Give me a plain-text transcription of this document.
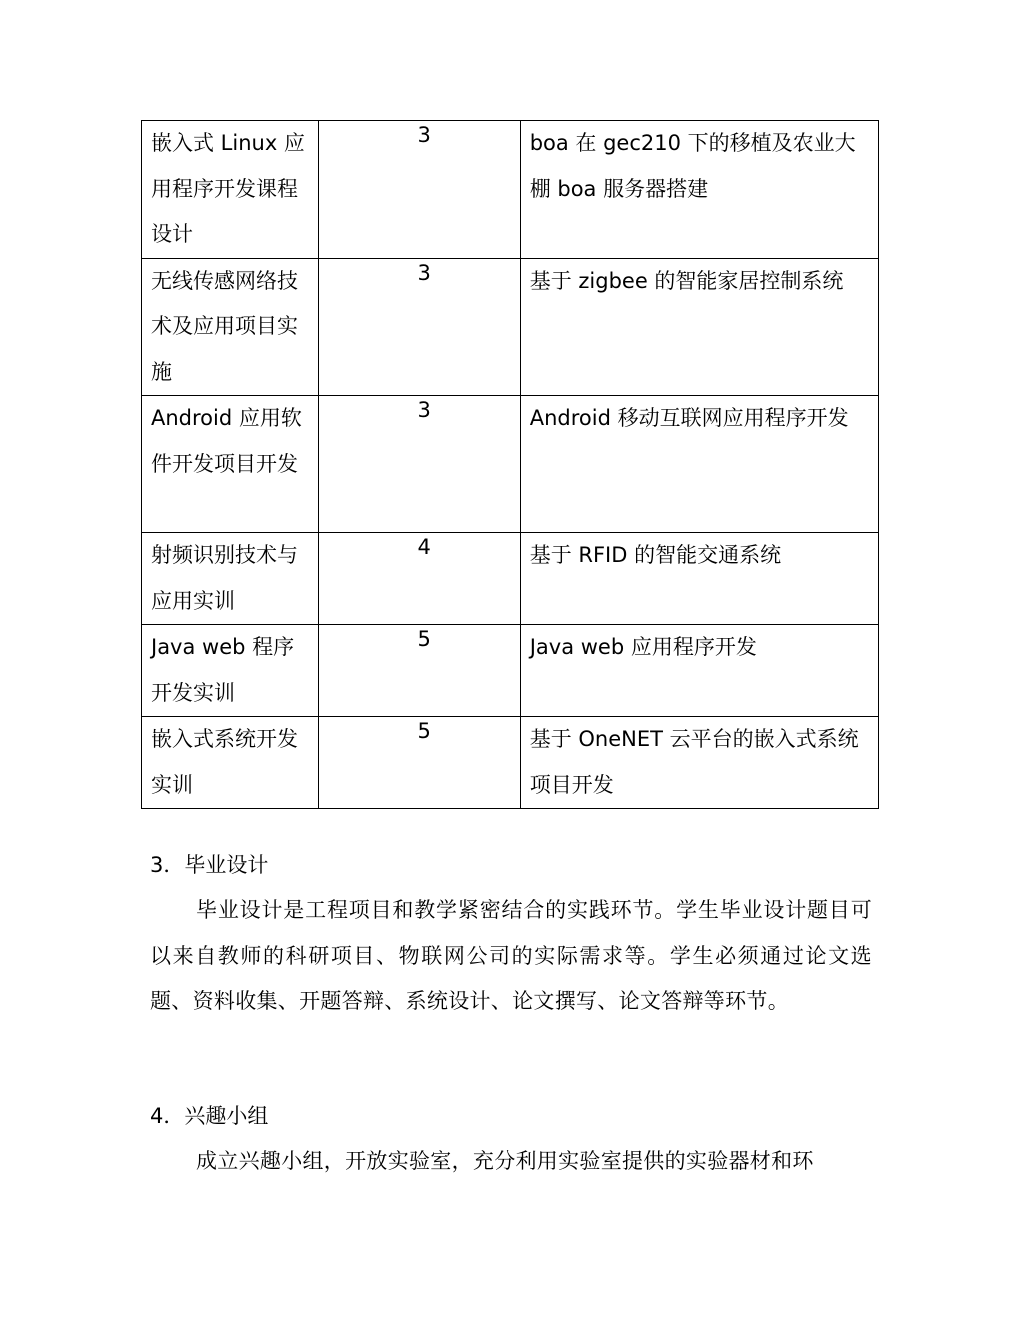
嵌入式 Linux 应用程序开发课程设计	3	boa 在 gec210 下的移植及农业大棚 boa 服务器搭建
无线传感网络技术及应用项目实施	3	基于 zigbee 的智能家居控制系统
Android 应用软件开发项目开发	3	Android 移动互联网应用程序开发
射频识别技术与应用实训	4	基于 RFID 的智能交通系统
Java web 程序开发实训	5	Java web 应用程序开发
嵌入式系统开发实训	5	基于 OneNET 云平台的嵌入式系统项目开发

3．毕业设计

毕业设计是工程项目和教学紧密结合的实践环节。学生毕业设计题目可以来自教师的科研项目、物联网公司的实际需求等。学生必须通过论文选题、资料收集、开题答辩、系统设计、论文撰写、论文答辩等环节。

4．兴趣小组

成立兴趣小组，开放实验室，充分利用实验室提供的实验器材和环
